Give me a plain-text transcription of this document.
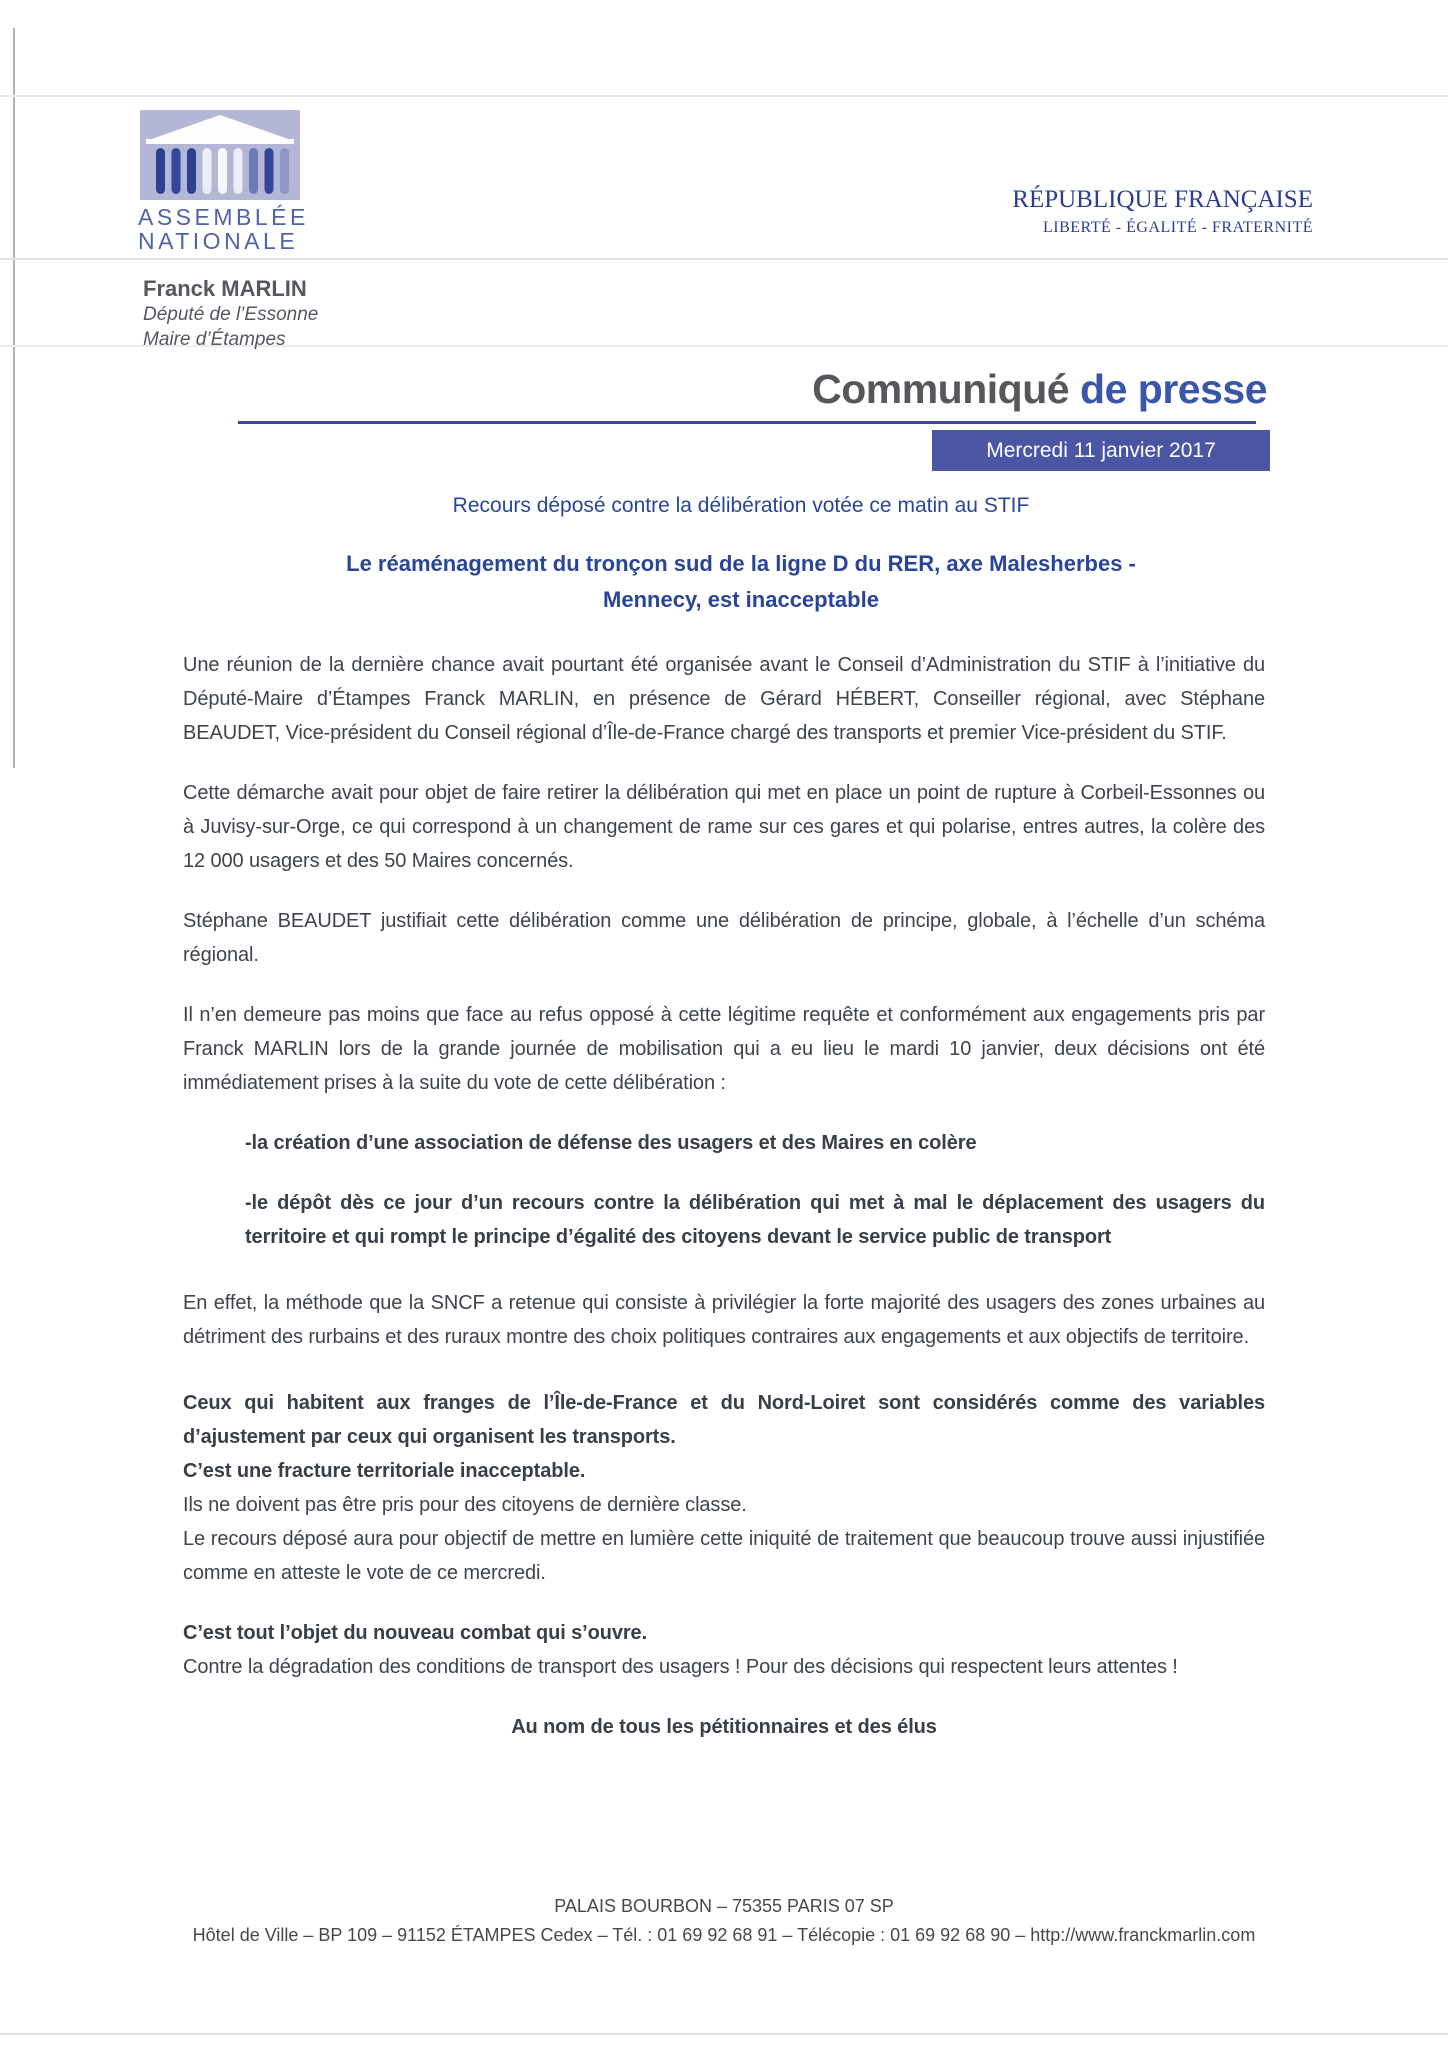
ASSEMBLÉE
NATIONALE
Franck MARLIN
Député de l’Essonne
Maire d’Étampes
RÉPUBLIQUE FRANÇAISE
LIBERTÉ - ÉGALITÉ - FRATERNITÉ
Communiqué de presse
Mercredi 11 janvier 2017
Recours déposé contre la délibération votée ce matin au STIF
Le réaménagement du tronçon sud de la ligne D du RER, axe Malesherbes -
Mennecy, est inacceptable

Une réunion de la dernière chance avait pourtant été organisée avant le Conseil d’Administration du STIF à l’initiative du Député-Maire d’Étampes Franck MARLIN, en présence de Gérard HÉBERT, Conseiller régional, avec Stéphane BEAUDET, Vice-président du Conseil régional d’Île-de-France chargé des transports et premier Vice-président du STIF.

Cette démarche avait pour objet de faire retirer la délibération qui met en place un point de rupture à Corbeil-Essonnes ou à Juvisy-sur-Orge, ce qui correspond à un changement de rame sur ces gares et qui polarise, entres autres, la colère des 12 000 usagers et des 50 Maires concernés.

Stéphane BEAUDET justifiait cette délibération comme une délibération de principe, globale, à l’échelle d’un schéma régional.

Il n’en demeure pas moins que face au refus opposé à cette légitime requête et conformément aux engagements pris par Franck MARLIN lors de la grande journée de mobilisation qui a eu lieu le mardi 10 janvier, deux décisions ont été immédiatement prises à la suite du vote de cette délibération :

-la création d’une association de défense des usagers et des Maires en colère

-le dépôt dès ce jour d’un recours contre la délibération qui met à mal le déplacement des usagers du territoire et qui rompt le principe d’égalité des citoyens devant le service public de transport

En effet, la méthode que la SNCF a retenue qui consiste à privilégier la forte majorité des usagers des zones urbaines au détriment des rurbains et des ruraux montre des choix politiques contraires aux engagements et aux objectifs de territoire.

Ceux qui habitent aux franges de l’Île-de-France et du Nord-Loiret sont considérés comme des variables d’ajustement par ceux qui organisent les transports.

C’est une fracture territoriale inacceptable.

Ils ne doivent pas être pris pour des citoyens de dernière classe.

Le recours déposé aura pour objectif de mettre en lumière cette iniquité de traitement que beaucoup trouve aussi injustifiée comme en atteste le vote de ce mercredi.

C’est tout l’objet du nouveau combat qui s’ouvre.

Contre la dégradation des conditions de transport des usagers ! Pour des décisions qui respectent leurs attentes !

Au nom de tous les pétitionnaires et des élus

PALAIS BOURBON – 75355 PARIS 07 SP
Hôtel de Ville – BP 109 – 91152 ÉTAMPES Cedex – Tél. : 01 69 92 68 91 – Télécopie : 01 69 92 68 90 – http://www.franckmarlin.com
